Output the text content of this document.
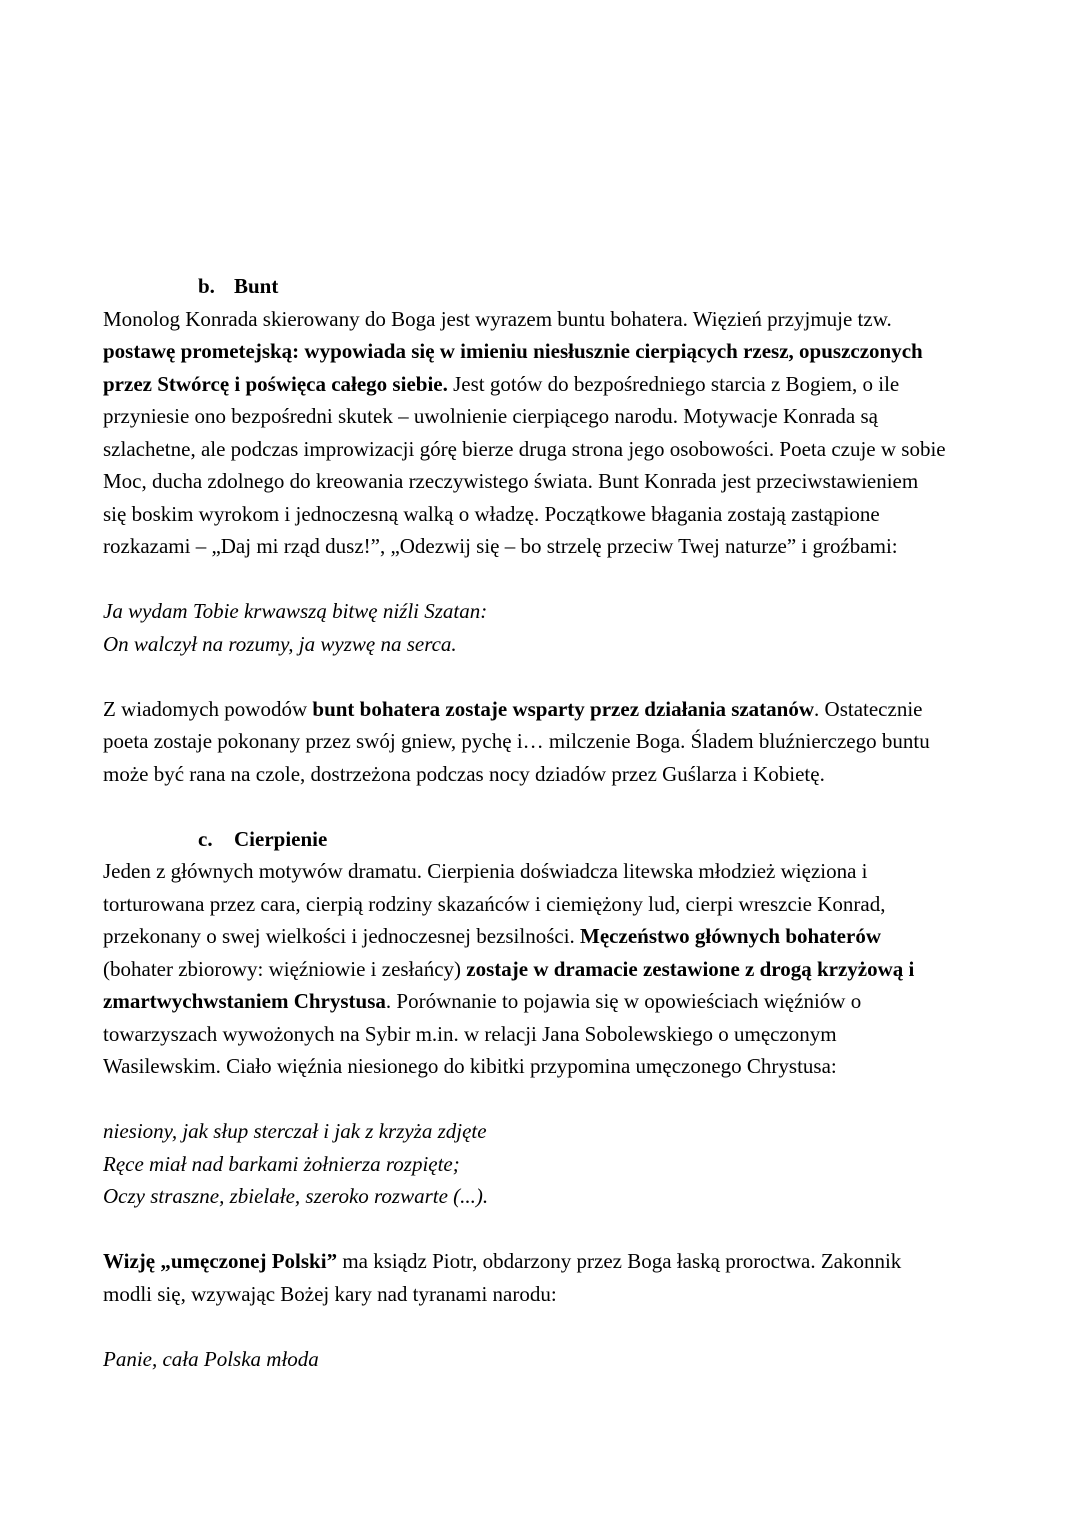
b. Bunt
Monolog Konrada skierowany do Boga jest wyrazem buntu bohatera. Więzień przyjmuje tzw.
postawę prometejską: wypowiada się w imieniu niesłusznie cierpiących rzesz, opuszczonych
przez Stwórcę i poświęca całego siebie. Jest gotów do bezpośredniego starcia z Bogiem, o ile
przyniesie ono bezpośredni skutek – uwolnienie cierpiącego narodu. Motywacje Konrada są
szlachetne, ale podczas improwizacji górę bierze druga strona jego osobowości. Poeta czuje w sobie
Moc, ducha zdolnego do kreowania rzeczywistego świata. Bunt Konrada jest przeciwstawieniem
się boskim wyrokom i jednoczesną walką o władzę. Początkowe błagania zostają zastąpione
rozkazami – „Daj mi rząd dusz!”, „Odezwij się – bo strzelę przeciw Twej naturze” i groźbami:
Ja wydam Tobie krwawszą bitwę niźli Szatan:
On walczył na rozumy, ja wyzwę na serca.
Z wiadomych powodów bunt bohatera zostaje wsparty przez działania szatanów. Ostatecznie
poeta zostaje pokonany przez swój gniew, pychę i… milczenie Boga. Śladem bluźnierczego buntu
może być rana na czole, dostrzeżona podczas nocy dziadów przez Guślarza i Kobietę.
c. Cierpienie
Jeden z głównych motywów dramatu. Cierpienia doświadcza litewska młodzież więziona i
torturowana przez cara, cierpią rodziny skazańców i ciemiężony lud, cierpi wreszcie Konrad,
przekonany o swej wielkości i jednoczesnej bezsilności. Męczeństwo głównych bohaterów
(bohater zbiorowy: więźniowie i zesłańcy) zostaje w dramacie zestawione z drogą krzyżową i
zmartwychwstaniem Chrystusa. Porównanie to pojawia się w opowieściach więźniów o
towarzyszach wywożonych na Sybir m.in. w relacji Jana Sobolewskiego o umęczonym
Wasilewskim. Ciało więźnia niesionego do kibitki przypomina umęczonego Chrystusa:
niesiony, jak słup sterczał i jak z krzyża zdjęte
Ręce miał nad barkami żołnierza rozpięte;
Oczy straszne, zbielałe, szeroko rozwarte (...).
Wizję „umęczonej Polski” ma ksiądz Piotr, obdarzony przez Boga łaską proroctwa. Zakonnik
modli się, wzywając Bożej kary nad tyranami narodu:
Panie, cała Polska młoda
